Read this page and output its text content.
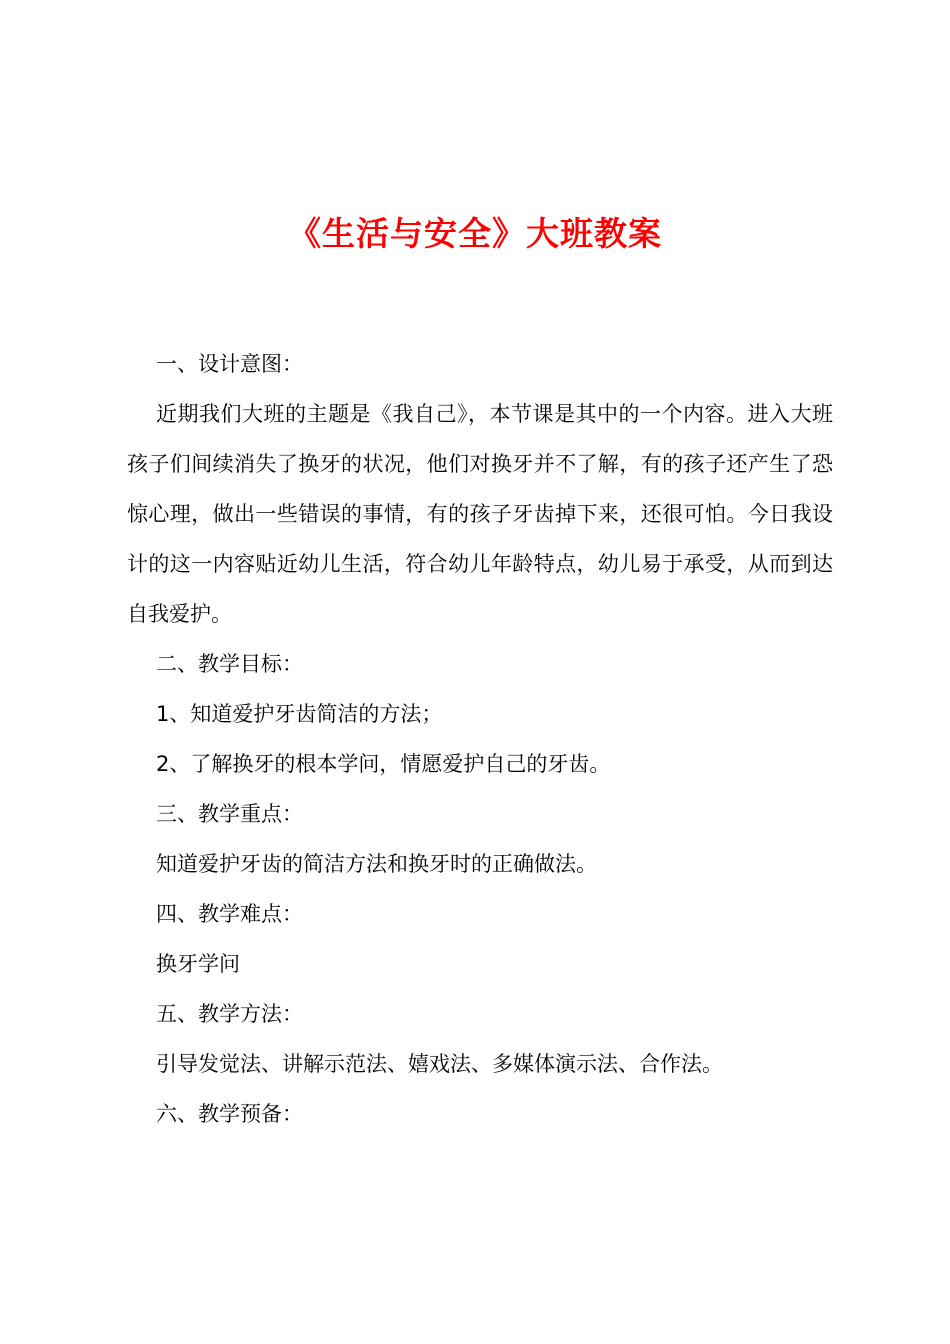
《生活与安全》大班教案

一、设计意图：

近期我们大班的主题是《我自己》，本节课是其中的一个内容。进入大班孩子们间续消失了换牙的状况，他们对换牙并不了解，有的孩子还产生了恐惊心理，做出一些错误的事情，有的孩子牙齿掉下来，还很可怕。今日我设计的这一内容贴近幼儿生活，符合幼儿年龄特点，幼儿易于承受，从而到达自我爱护。

二、教学目标：

1、知道爱护牙齿简洁的方法；

2、了解换牙的根本学问，情愿爱护自己的牙齿。

三、教学重点：

知道爱护牙齿的简洁方法和换牙时的正确做法。

四、教学难点：

换牙学问

五、教学方法：

引导发觉法、讲解示范法、嬉戏法、多媒体演示法、合作法。

六、教学预备：
